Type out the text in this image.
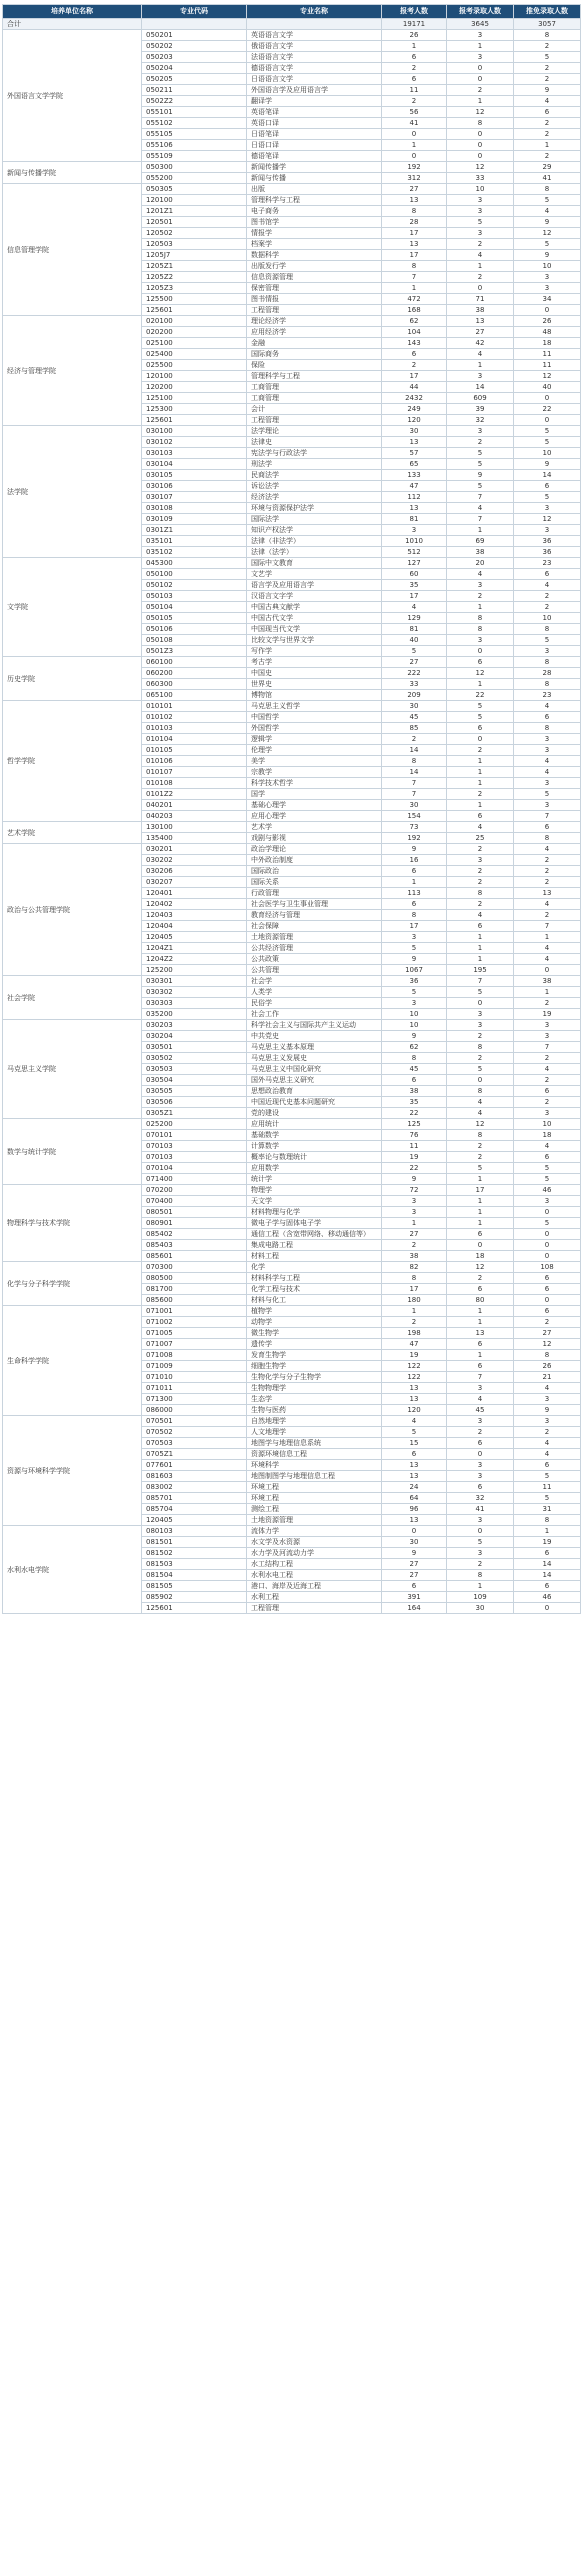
培养单位名称	专业代码	专业名称	报考人数	报考录取人数	推免录取人数
合计			19171	3645	3057
外国语言文学学院	050201	英语语言文学	26	3	8
	050202	俄语语言文学	1	1	2
	050203	法语语言文学	6	3	5
	050204	德语语言文学	2	0	2
	050205	日语语言文学	6	0	2
	050211	外国语言学及应用语言学	11	2	9
	0502Z2	翻译学	2	1	4
	055101	英语笔译	56	12	6
	055102	英语口译	41	8	2
	055105	日语笔译	0	0	2
	055106	日语口译	1	0	1
	055109	德语笔译	0	0	2
新闻与传播学院	050300	新闻传播学	192	12	29
	055200	新闻与传播	312	33	41
信息管理学院	050305	出版	27	10	8
	120100	管理科学与工程	13	3	5
	1201Z1	电子商务	8	3	4
	120501	图书馆学	28	5	9
	120502	情报学	17	3	12
	120503	档案学	13	2	5
	1205J7	数据科学	17	4	9
	1205Z1	出版发行学	8	1	10
	1205Z2	信息资源管理	7	2	3
	1205Z3	保密管理	1	0	3
	125500	图书情报	472	71	34
	125601	工程管理	168	38	0
经济与管理学院	020100	理论经济学	62	13	26
	020200	应用经济学	104	27	48
	025100	金融	143	42	18
	025400	国际商务	6	4	11
	025500	保险	2	1	11
	120100	管理科学与工程	17	3	12
	120200	工商管理	44	14	40
	125100	工商管理	2432	609	0
	125300	会计	249	39	22
	125601	工程管理	120	32	0
法学院	030100	法学理论	30	3	5
	030102	法律史	13	2	5
	030103	宪法学与行政法学	57	5	10
	030104	刑法学	65	5	9
	030105	民商法学	133	9	14
	030106	诉讼法学	47	5	6
	030107	经济法学	112	7	5
	030108	环境与资源保护法学	13	4	3
	030109	国际法学	81	7	12
	0301Z1	知识产权法学	3	1	3
	035101	法律（非法学）	1010	69	36
	035102	法律（法学）	512	38	36
文学院	045300	国际中文教育	127	20	23
	050100	文艺学	60	4	6
	050102	语言学及应用语言学	35	3	4
	050103	汉语言文字学	17	2	2
	050104	中国古典文献学	4	1	2
	050105	中国古代文学	129	8	10
	050106	中国现当代文学	81	8	8
	050108	比较文学与世界文学	40	3	5
	0501Z3	写作学	5	0	3
历史学院	060100	考古学	27	6	8
	060200	中国史	222	12	28
	060300	世界史	33	1	8
	065100	博物馆	209	22	23
哲学学院	010101	马克思主义哲学	30	5	4
	010102	中国哲学	45	5	6
	010103	外国哲学	85	6	8
	010104	逻辑学	2	0	3
	010105	伦理学	14	2	3
	010106	美学	8	1	4
	010107	宗教学	14	1	4
	010108	科学技术哲学	7	1	3
	0101Z2	国学	7	2	5
	040201	基础心理学	30	1	3
	040203	应用心理学	154	6	7
艺术学院	130100	艺术学	73	4	6
	135400	戏剧与影视	192	25	8
政治与公共管理学院	030201	政治学理论	9	2	4
	030202	中外政治制度	16	3	2
	030206	国际政治	6	2	2
	030207	国际关系	1	2	2
	120401	行政管理	113	8	13
	120402	社会医学与卫生事业管理	6	2	4
	120403	教育经济与管理	8	4	2
	120404	社会保障	17	6	7
	120405	土地资源管理	3	1	1
	1204Z1	公共经济管理	5	1	4
	1204Z2	公共政策	9	1	4
	125200	公共管理	1067	195	0
社会学院	030301	社会学	36	7	38
	030302	人类学	5	5	1
	030303	民俗学	3	0	2
	035200	社会工作	10	3	19
马克思主义学院	030203	科学社会主义与国际共产主义运动	10	3	3
	030204	中共党史	9	2	3
	030501	马克思主义基本原理	62	8	7
	030502	马克思主义发展史	8	2	2
	030503	马克思主义中国化研究	45	5	4
	030504	国外马克思主义研究	6	0	2
	030505	思想政治教育	38	8	6
	030506	中国近现代史基本问题研究	35	4	2
	0305Z1	党的建设	22	4	3
数学与统计学院	025200	应用统计	125	12	10
	070101	基础数学	76	8	18
	070103	计算数学	11	2	4
	070103	概率论与数理统计	19	2	6
	070104	应用数学	22	5	5
	071400	统计学	9	1	5
物理科学与技术学院	070200	物理学	72	17	46
	070400	天文学	3	1	3
	080501	材料物理与化学	3	1	0
	080901	微电子学与固体电子学	1	1	5
	085402	通信工程（含宽带网络、移动通信等）	27	6	0
	085403	集成电路工程	2	0	0
	085601	材料工程	38	18	0
化学与分子科学学院	070300	化学	82	12	108
	080500	材料科学与工程	8	2	6
	081700	化学工程与技术	17	6	6
	085600	材料与化工	180	80	0
生命科学学院	071001	植物学	1	1	6
	071002	动物学	2	1	2
	071005	微生物学	198	13	27
	071007	遗传学	47	6	12
	071008	发育生物学	19	1	8
	071009	细胞生物学	122	6	26
	071010	生物化学与分子生物学	122	7	21
	071011	生物物理学	13	3	4
	071300	生态学	13	4	3
	086000	生物与医药	120	45	9
资源与环境科学学院	070501	自然地理学	4	3	3
	070502	人文地理学	5	2	2
	070503	地图学与地理信息系统	15	6	4
	0705Z1	资源环境信息工程	6	0	4
	077601	环境科学	13	3	6
	081603	地图制图学与地理信息工程	13	3	5
	083002	环境工程	24	6	11
	085701	环境工程	64	32	5
	085704	测绘工程	96	41	31
	120405	土地资源管理	13	3	8
水利水电学院	080103	流体力学	0	0	1
	081501	水文学及水资源	30	5	19
	081502	水力学及河流动力学	9	3	6
	081503	水工结构工程	27	2	14
	081504	水利水电工程	27	8	14
	081505	港口、海岸及近海工程	6	1	6
	085902	水利工程	391	109	46
	125601	工程管理	164	30	0
